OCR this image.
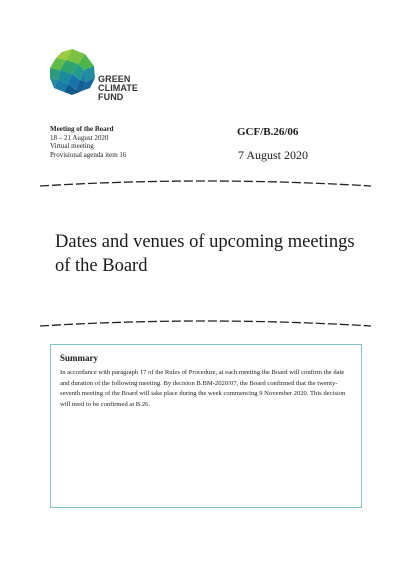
GREEN
CLIMATE
FUND
Meeting of the Board
18 – 21 August 2020
Virtual meeting
Provisional agenda item 16
GCF/B.26/06
7 August 2020
Dates and venues of upcoming meetings of the Board
Summary
In accordance with paragraph 17 of the Rules of Procedure, at each meeting the Board will confirm the date and duration of the following meeting. By decision B.BM-2020/07, the Board confirmed that the twenty-seventh meeting of the Board will take place during the week commencing 9 November 2020. This decision will need to be confirmed at B.26.
